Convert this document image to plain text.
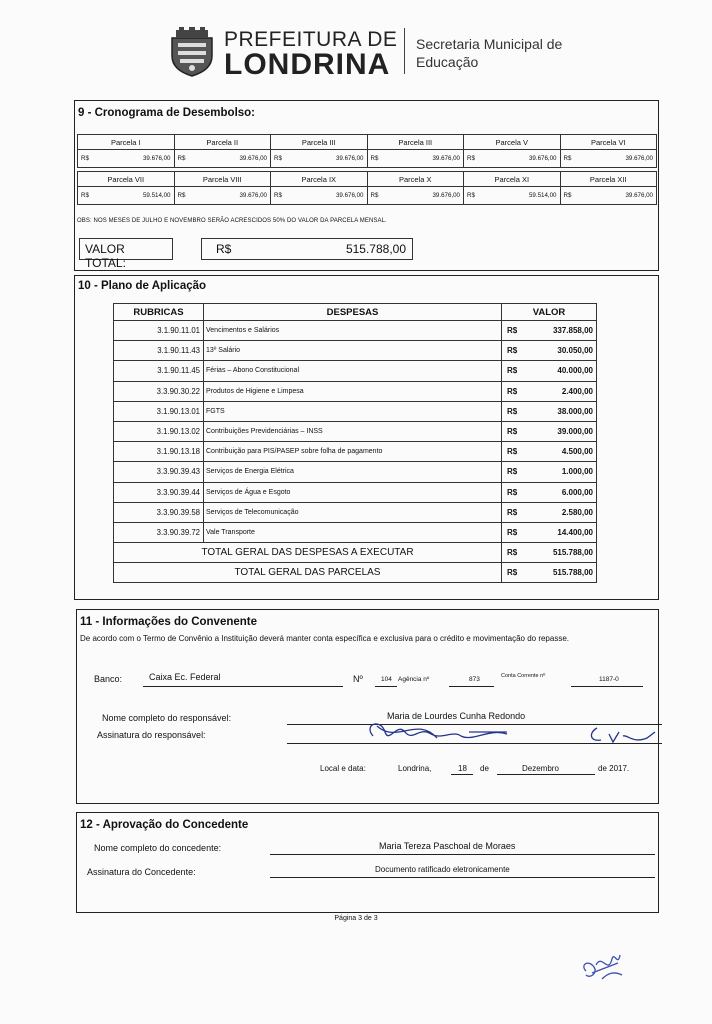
PREFEITURA DE
LONDRINA
Secretaria Municipal de
Educação
9 - Cronograma de Desembolso:
Parcela I		Parcela II		Parcela III		Parcela III		Parcela V		Parcela VI	
R$	39.676,00	R$	39.676,00	R$	39.676,00	R$	39.676,00	R$	39.676,00	R$	39.676,00
Parcela VII		Parcela VIII		Parcela IX		Parcela X		Parcela XI		Parcela XII	
R$	59.514,00	R$	39.676,00	R$	39.676,00	R$	39.676,00	R$	59.514,00	R$	39.676,00
OBS: NOS MESES DE JULHO E NOVEMBRO SERÃO ACRESCIDOS 50% DO VALOR DA PARCELA MENSAL.
VALOR TOTAL:
R$	515.788,00
10 - Plano de Aplicação
RUBRICAS	DESPESAS	VALOR	
3.1.90.11.01	Vencimentos e Salários	R$	337.858,00
3.1.90.11.43	13º Salário	R$	30.050,00
3.1.90.11.45	Férias – Abono Constitucional	R$	40.000,00
3.3.90.30.22	Produtos de Higiene e Limpesa	R$	2.400,00
3.1.90.13.01	FGTS	R$	38.000,00
3.1.90.13.02	Contribuições Previdenciárias – INSS	R$	39.000,00
3.1.90.13.18	Contribuição para PIS/PASEP sobre folha de pagamento	R$	4.500,00
3.3.90.39.43	Serviços de Energia Elétrica	R$	1.000,00
3.3.90.39.44	Serviços de Água e Esgoto	R$	6.000,00
3.3.90.39.58	Serviços de Telecomunicação	R$	2.580,00
3.3.90.39.72	Vale Transporte	R$	14.400,00
TOTAL GERAL DAS DESPESAS A EXECUTAR		R$	515.788,00
TOTAL GERAL DAS PARCELAS		R$	515.788,00
11 - Informações do Convenente
De acordo com o Termo de Convênio a Instituição deverá manter conta específica e exclusiva para o crédito e movimentação do repasse.
Banco:	Caixa Ec. Federal	Nº	104 Agência nº	873	Conta Corrente nº	1187-0
Nome completo do responsável:	Maria de Lourdes Cunha Redondo
Assinatura do responsável:
Local e data:	Londrina,	18 de	Dezembro	de 2017.
12 - Aprovação do Concedente
Nome completo do concedente:	Maria Tereza Paschoal de Moraes
Assinatura do Concedente:	Documento ratificado eletronicamente
Página 3 de 3
